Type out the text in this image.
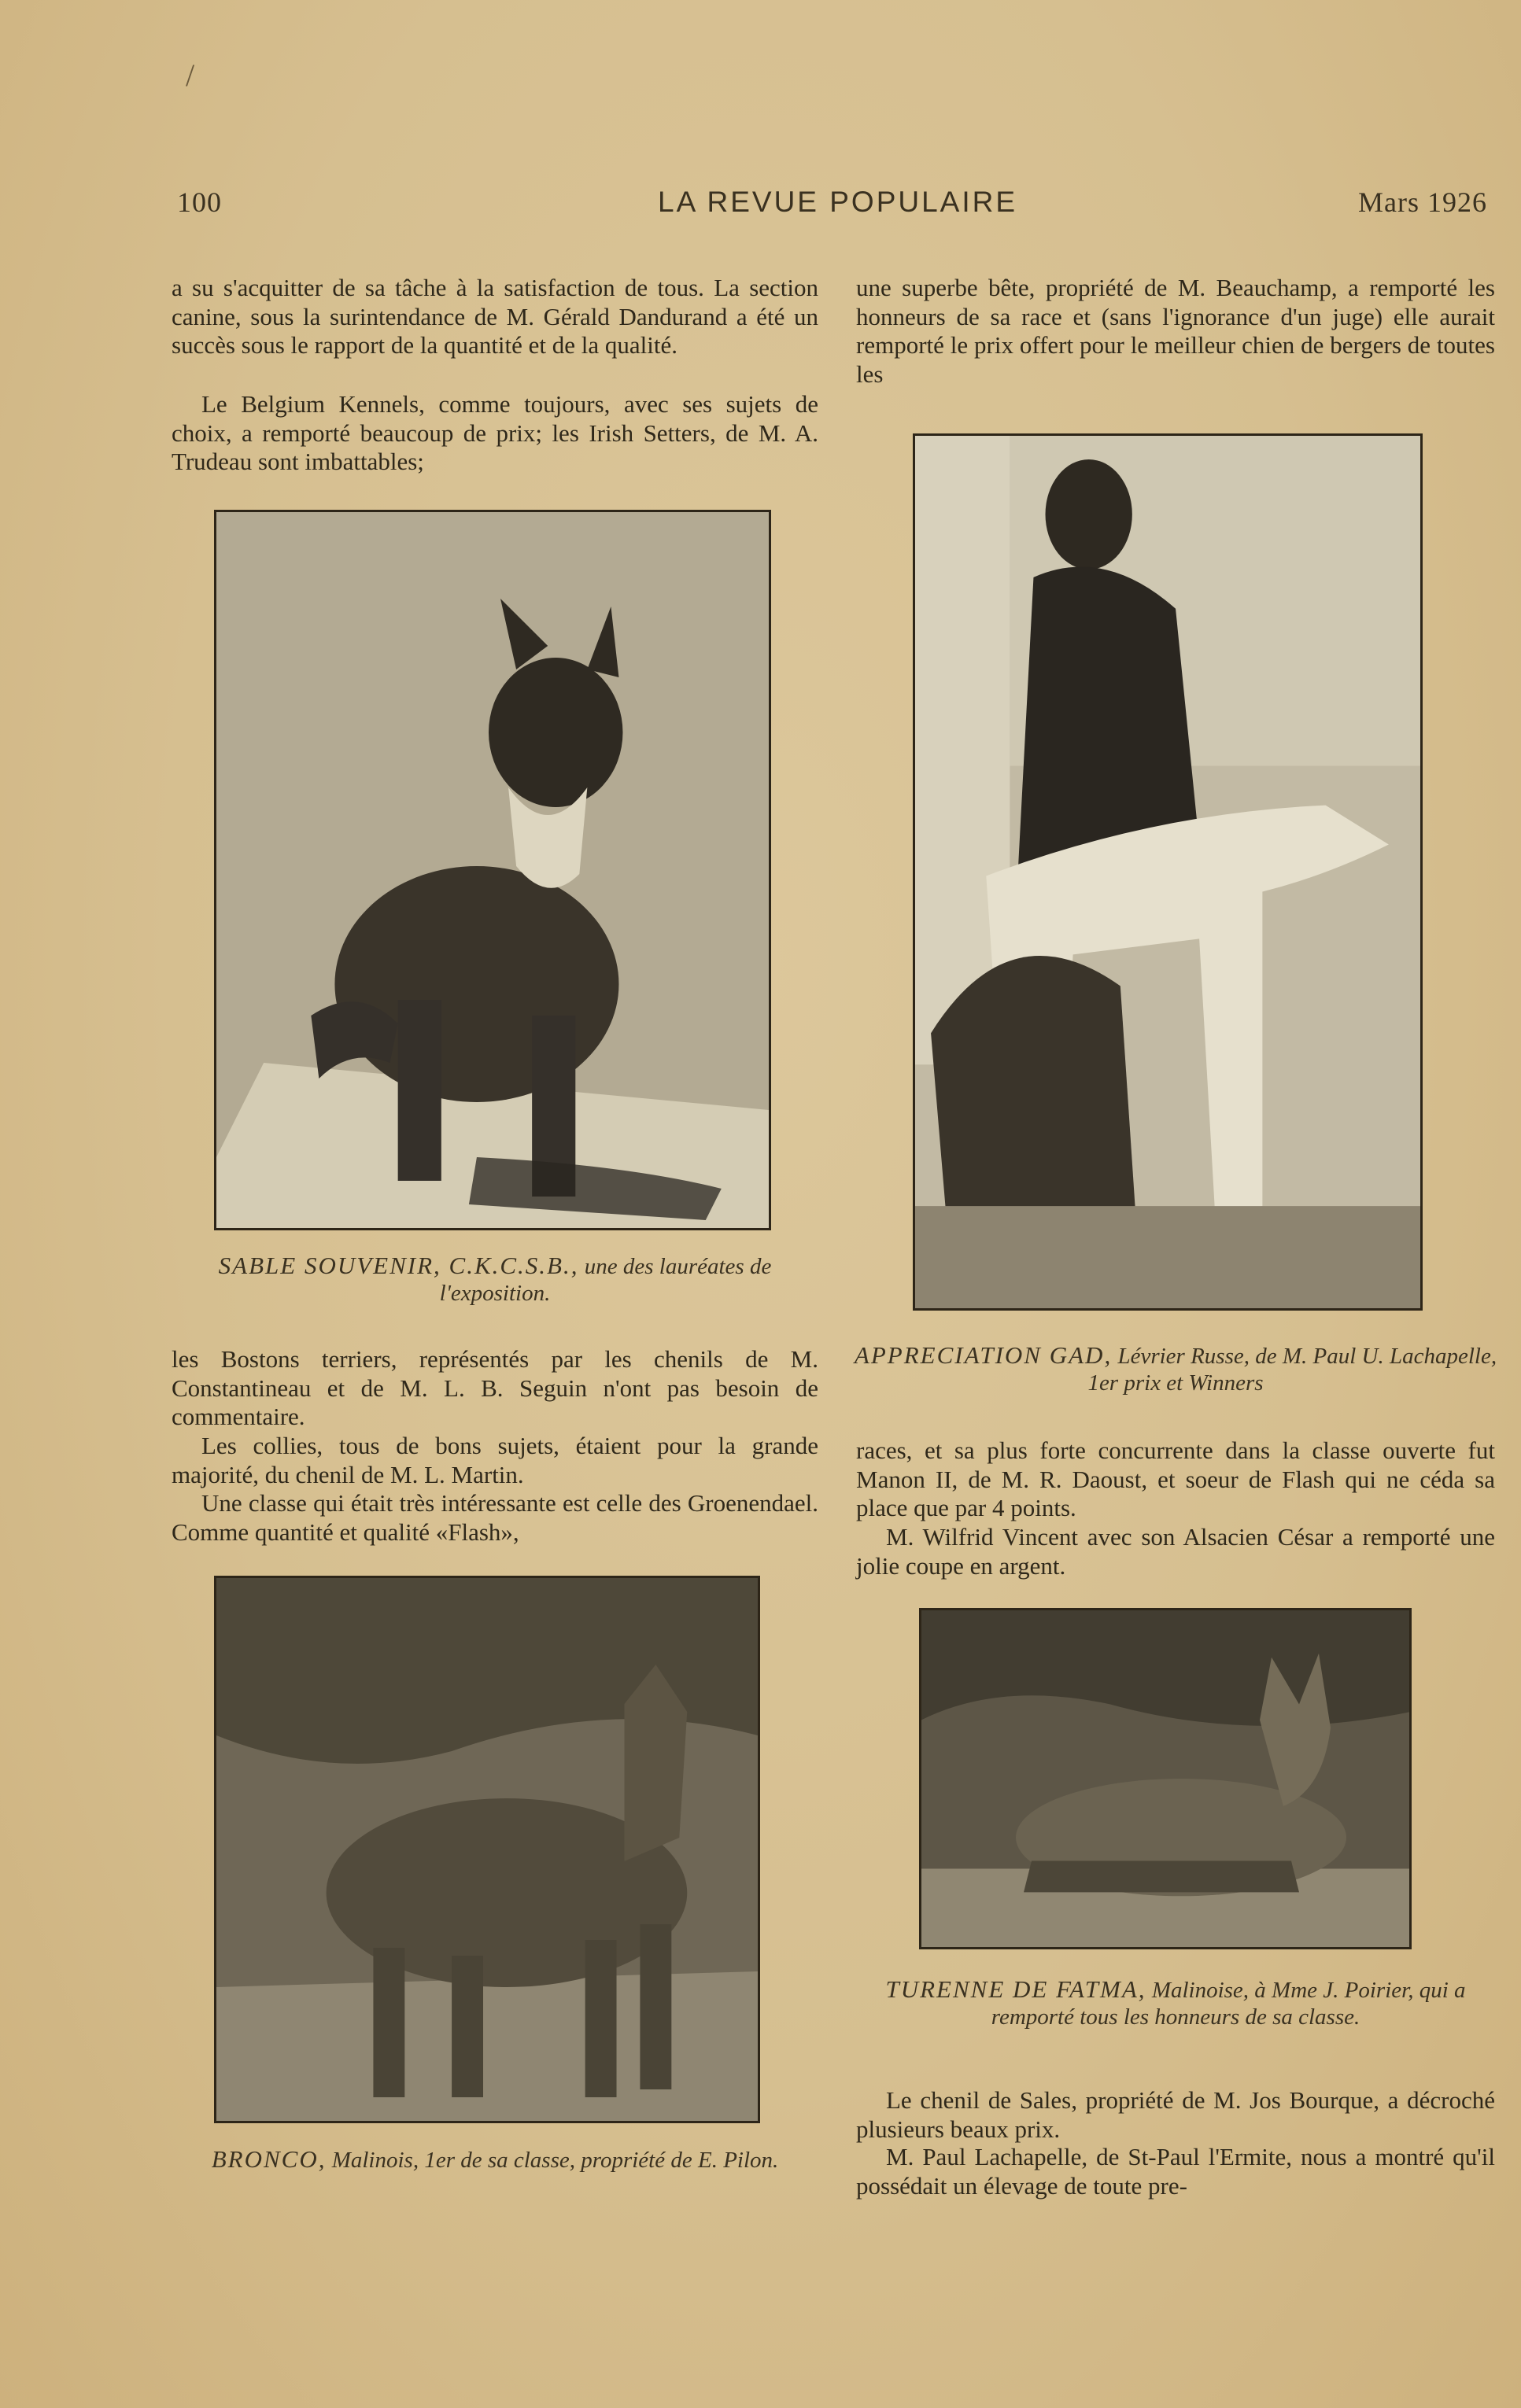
/
100	LA REVUE POPULAIRE	Mars 1926

a su s'acquitter de sa tâche à la satisfaction de tous. La section canine, sous la surintendance de M. Gérald Dandurand a été un succès sous le rapport de la quantité et de la qualité.

Le Belgium Kennels, comme toujours, avec ses sujets de choix, a remporté beaucoup de prix; les Irish Setters, de M. A. Trudeau sont imbattables;

SABLE SOUVENIR, C.K.C.S.B., une des lauréates de l'exposition.

les Bostons terriers, représentés par les chenils de M. Constantineau et de M. L. B. Seguin n'ont pas besoin de commentaire.

Les collies, tous de bons sujets, étaient pour la grande majorité, du chenil de M. L. Martin.

Une classe qui était très intéressante est celle des Groenendael. Comme quantité et qualité «Flash»,

BRONCO, Malinois, 1er de sa classe, propriété de E. Pilon.

une superbe bête, propriété de M. Beauchamp, a remporté les honneurs de sa race et (sans l'ignorance d'un juge) elle aurait remporté le prix offert pour le meilleur chien de bergers de toutes les

APPRECIATION GAD, Lévrier Russe, de M. Paul U. Lachapelle, 1er prix et Winners

races, et sa plus forte concurrente dans la classe ouverte fut Manon II, de M. R. Daoust, et soeur de Flash qui ne céda sa place que par 4 points.

M. Wilfrid Vincent avec son Alsacien César a remporté une jolie coupe en argent.

TURENNE DE FATMA, Malinoise, à Mme J. Poirier, qui a remporté tous les honneurs de sa classe.

Le chenil de Sales, propriété de M. Jos Bourque, a décroché plusieurs beaux prix.

M. Paul Lachapelle, de St-Paul l'Ermite, nous a montré qu'il possédait un élevage de toute pre-
